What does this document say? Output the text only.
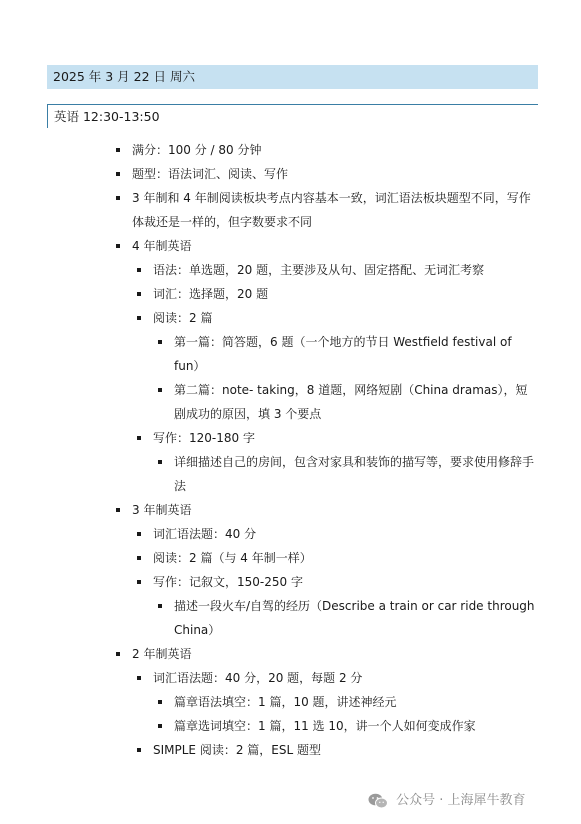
2025 年 3 月 22 日 周六
英语 12:30-13:50
满分：100 分 / 80 分钟
题型：语法词汇、阅读、写作
3 年制和 4 年制阅读板块考点内容基本一致，词汇语法板块题型不同，写作体裁还是一样的，但字数要求不同
4 年制英语
语法：单选题，20 题，主要涉及从句、固定搭配、无词汇考察
词汇：选择题，20 题
阅读：2 篇
第一篇：简答题，6 题（一个地方的节日 Westfield festival of fun）
第二篇：note- taking，8 道题，网络短剧（China dramas），短剧成功的原因，填 3 个要点
写作：120-180 字
详细描述自己的房间，包含对家具和装饰的描写等，要求使用修辞手法
3 年制英语
词汇语法题：40 分
阅读：2 篇（与 4 年制一样）
写作：记叙文，150-250 字
描述一段火车/自驾的经历（Describe a train or car ride through China）
2 年制英语
词汇语法题：40 分，20 题，每题 2 分
篇章语法填空：1 篇，10 题，讲述神经元
篇章选词填空：1 篇，11 选 10，讲一个人如何变成作家
SIMPLE 阅读：2 篇，ESL 题型
公众号 · 上海犀牛教育
